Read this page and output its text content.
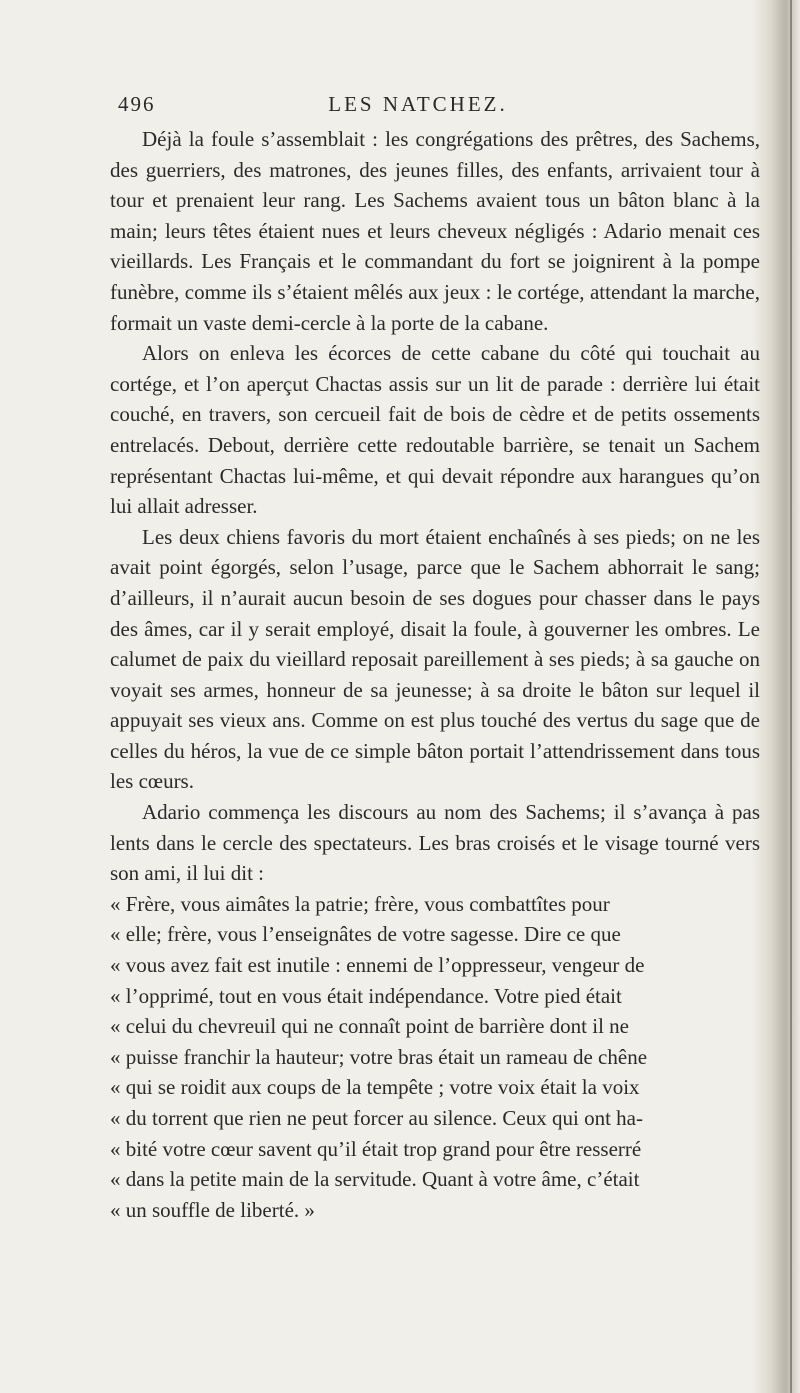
496	LES NATCHEZ.

Déjà la foule s’assemblait : les congrégations des prêtres, des Sachems, des guerriers, des matrones, des jeunes filles, des enfants, arrivaient tour à tour et prenaient leur rang. Les Sachems avaient tous un bâton blanc à la main; leurs têtes étaient nues et leurs cheveux négligés : Adario menait ces vieillards. Les Français et le commandant du fort se joignirent à la pompe funèbre, comme ils s’étaient mêlés aux jeux : le cortége, attendant la marche, formait un vaste demi-cercle à la porte de la cabane.

Alors on enleva les écorces de cette cabane du côté qui touchait au cortége, et l’on aperçut Chactas assis sur un lit de parade : derrière lui était couché, en travers, son cercueil fait de bois de cèdre et de petits ossements entrelacés. Debout, derrière cette redoutable barrière, se tenait un Sachem représentant Chactas lui-même, et qui devait répondre aux harangues qu’on lui allait adresser.

Les deux chiens favoris du mort étaient enchaînés à ses pieds; on ne les avait point égorgés, selon l’usage, parce que le Sachem abhorrait le sang; d’ailleurs, il n’aurait aucun besoin de ses dogues pour chasser dans le pays des âmes, car il y serait employé, disait la foule, à gouverner les ombres. Le calumet de paix du vieillard reposait pareillement à ses pieds; à sa gauche on voyait ses armes, honneur de sa jeunesse; à sa droite le bâton sur lequel il appuyait ses vieux ans. Comme on est plus touché des vertus du sage que de celles du héros, la vue de ce simple bâton portait l’attendrissement dans tous les cœurs.

Adario commença les discours au nom des Sachems; il s’avança à pas lents dans le cercle des spectateurs. Les bras croisés et le visage tourné vers son ami, il lui dit :

« Frère, vous aimâtes la patrie; frère, vous combattîtes pour

« elle; frère, vous l’enseignâtes de votre sagesse. Dire ce que

« vous avez fait est inutile : ennemi de l’oppresseur, vengeur de

« l’opprimé, tout en vous était indépendance. Votre pied était

« celui du chevreuil qui ne connaît point de barrière dont il ne

« puisse franchir la hauteur; votre bras était un rameau de chêne

« qui se roidit aux coups de la tempête ; votre voix était la voix

« du torrent que rien ne peut forcer au silence. Ceux qui ont ha-

« bité votre cœur savent qu’il était trop grand pour être resserré

« dans la petite main de la servitude. Quant à votre âme, c’était

« un souffle de liberté. »
